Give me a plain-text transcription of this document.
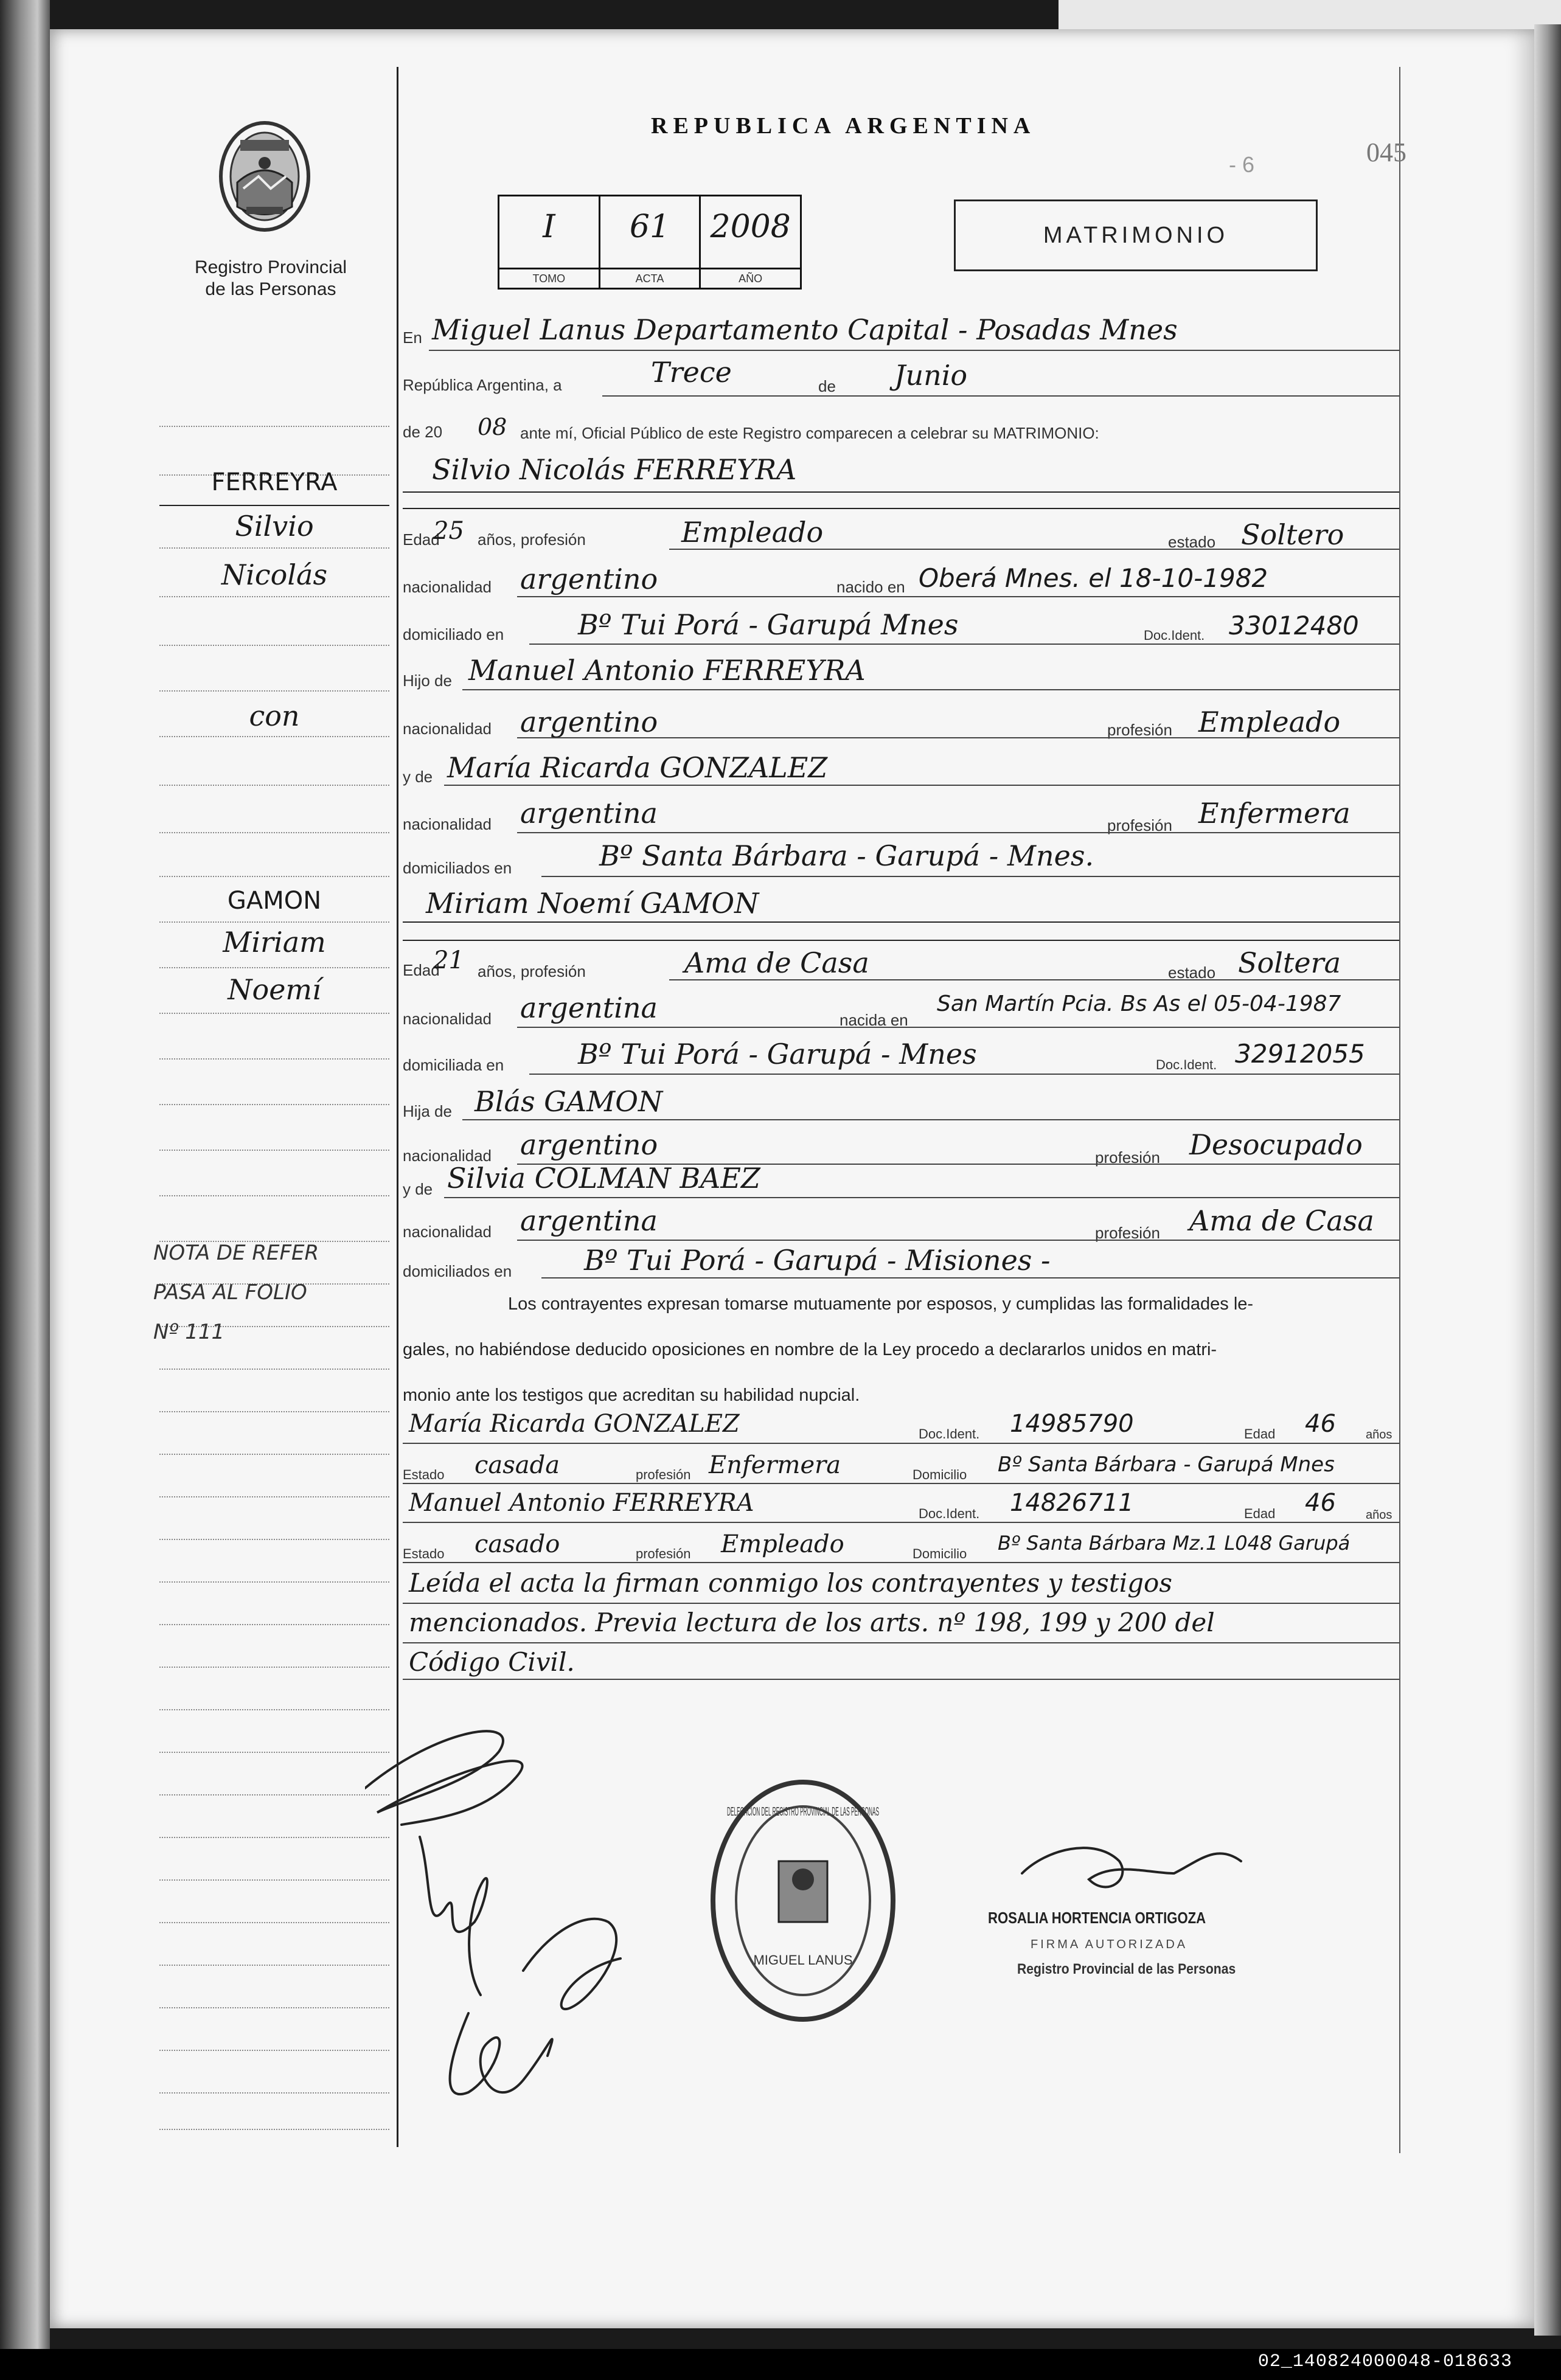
Registro Provincial
de las Personas
REPUBLICA ARGENTINA
- 6	045
I
TOMO
61
ACTA
2008
AÑO
MATRIMONIO
En Miguel Lanus Departamento Capital - Posadas Mnes
República Argentina, a	Trece	de Junio
de 20 08 ante mí, Oficial Público de este Registro comparecen a celebrar su MATRIMONIO:
Silvio Nicolás FERREYRA
Edad
25 años, profesión	Empleado	estado Soltero
nacionalidad argentino	nacido en Oberá Mnes. el 18-10-1982
domiciliado en	Bº Tui Porá - Garupá Mnes	Doc.Ident. 33012480
Hijo de Manuel Antonio FERREYRA
nacionalidad argentino	profesión Empleado
y de María Ricarda GONZALEZ
nacionalidad argentina	profesión Enfermera
domiciliados en	Bº Santa Bárbara - Garupá - Mnes.
Miriam Noemí GAMON
Edad
21 años, profesión	Ama de Casa	estado Soltera
nacionalidad argentina	nacida en
San Martín Pcia. Bs As el 05-04-1987
domiciliada en	Bº Tui Porá - Garupá - Mnes	Doc.Ident. 32912055
Hija de Blás GAMON
nacionalidad argentino	profesión Desocupado
y de Silvia COLMAN BAEZ
nacionalidad argentina	profesión Ama de Casa
domiciliados en	Bº Tui Porá - Garupá - Misiones -
Los contrayentes expresan tomarse mutuamente por esposos, y cumplidas las formalidades le-
gales, no habiéndose deducido oposiciones en nombre de la Ley procedo a declararlos unidos en matri-
monio ante los testigos que acreditan su habilidad nupcial.
María Ricarda GONZALEZ	Doc.Ident. 14985790	Edad 46 años
Estado casada	profesión Enfermera	Domicilio Bº Santa Bárbara - Garupá Mnes
Manuel Antonio FERREYRA	Doc.Ident. 14826711	Edad 46 años
Estado casado	profesión Empleado	Domicilio Bº Santa Bárbara Mz.1 L048 Garupá
Leída el acta la firman conmigo los contrayentes y testigos
mencionados. Previa lectura de los arts. nº 198, 199 y 200 del
Código Civil.
FERREYRA
Silvio
Nicolás
con
GAMON
Miriam
Noemí
NOTA DE REFER
PASA AL FOLIO
Nº 111
DELEGACION DEL REGISTRO PROVINCIAL DE LAS PERSONAS
MIGUEL LANUS
ROSALIA HORTENCIA ORTIGOZA
FIRMA AUTORIZADA
Registro Provincial de las Personas
02_140824000048-018633
